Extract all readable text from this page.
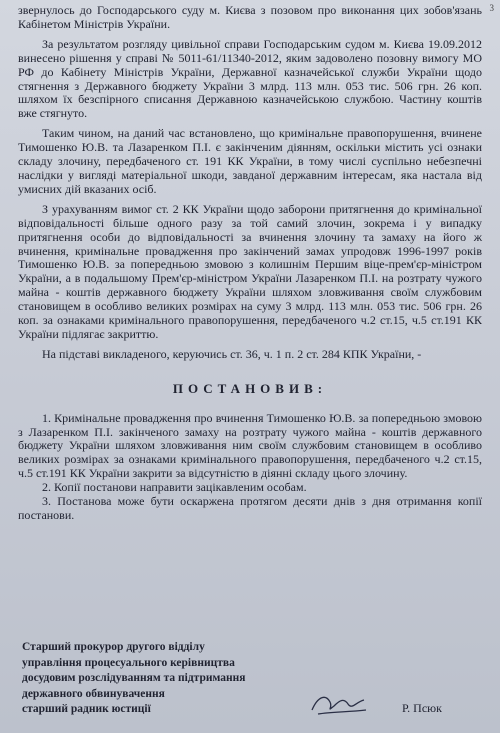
3

звернулось до Господарського суду м. Києва з позовом про виконання цих зобов'язань Кабінетом Міністрів України.

За результатом розгляду цивільної справи Господарським судом м. Києва 19.09.2012 винесено рішення у справі № 5011-61/11340-2012, яким задоволено позовну вимогу МО РФ до Кабінету Міністрів України, Державної казначейської служби України щодо стягнення з Державного бюджету України 3 млрд. 113 млн. 053 тис. 506 грн. 26 коп. шляхом їх безспірного списання Державною казначейською службою. Частину коштів вже стягнуто.

Таким чином, на даний час встановлено, що кримінальне правопорушення, вчинене Тимошенко Ю.В. та Лазаренком П.І. є закінченим діянням, оскільки містить усі ознаки складу злочину, передбаченого ст. 191 КК України, в тому числі суспільно небезпечні наслідки у вигляді матеріальної шкоди, завданої державним інтересам, яка настала від умисних дій вказаних осіб.

З урахуванням вимог ст. 2 КК України щодо заборони притягнення до кримінальної відповідальності більше одного разу за той самий злочин, зокрема і у випадку притягнення особи до відповідальності за вчинення злочину та замаху на його ж вчинення, кримінальне провадження про закінчений замах упродовж 1996-1997 років Тимошенко Ю.В. за попередньою змовою з колишнім Першим віце-прем'єр-міністром України, а в подальшому Прем'єр-міністром України Лазаренком П.І. на розтрату чужого майна - коштів державного бюджету України шляхом зловживання своїм службовим становищем в особливо великих розмірах на суму 3 млрд. 113 млн. 053 тис. 506 грн. 26 коп. за ознаками кримінального правопорушення, передбаченого ч.2 ст.15, ч.5 ст.191 КК України підлягає закриттю.

На підставі викладеного, керуючись ст. 36, ч. 1 п. 2 ст. 284 КПК України, -

ПОСТАНОВИВ:

1. Кримінальне провадження про вчинення Тимошенко Ю.В. за попередньою змовою з Лазаренком П.І. закінченого замаху на розтрату чужого майна - коштів державного бюджету України шляхом зловживання ним своїм службовим становищем в особливо великих розмірах за ознаками кримінального правопорушення, передбаченого ч.2 ст.15, ч.5 ст.191 КК України закрити за відсутністю в діянні складу цього злочину.

2. Копії постанови направити зацікавленим особам.

3. Постанова може бути оскаржена протягом десяти днів з дня отримання копії постанови.

Старший прокурор другого відділу
управління процесуального керівництва
досудовим розслідуванням та підтримання
державного обвинувачення
старший радник юстиції	Р. Псюк
